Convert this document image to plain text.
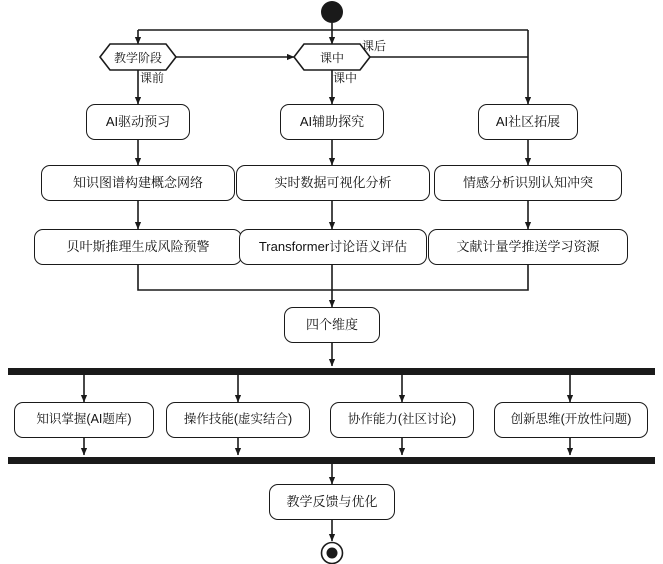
教学阶段	课中
课前	课中
课后
AI驱动预习
知识图谱构建概念网络
贝叶斯推理生成风险预警
AI辅助探究
实时数据可视化分析
Transformer讨论语义评估
AI社区拓展
情感分析识别认知冲突
文献计量学推送学习资源
四个维度
知识掌握(AI题库)	操作技能(虚实结合)	协作能力(社区讨论)	创新思维(开放性问题)
教学反馈与优化
